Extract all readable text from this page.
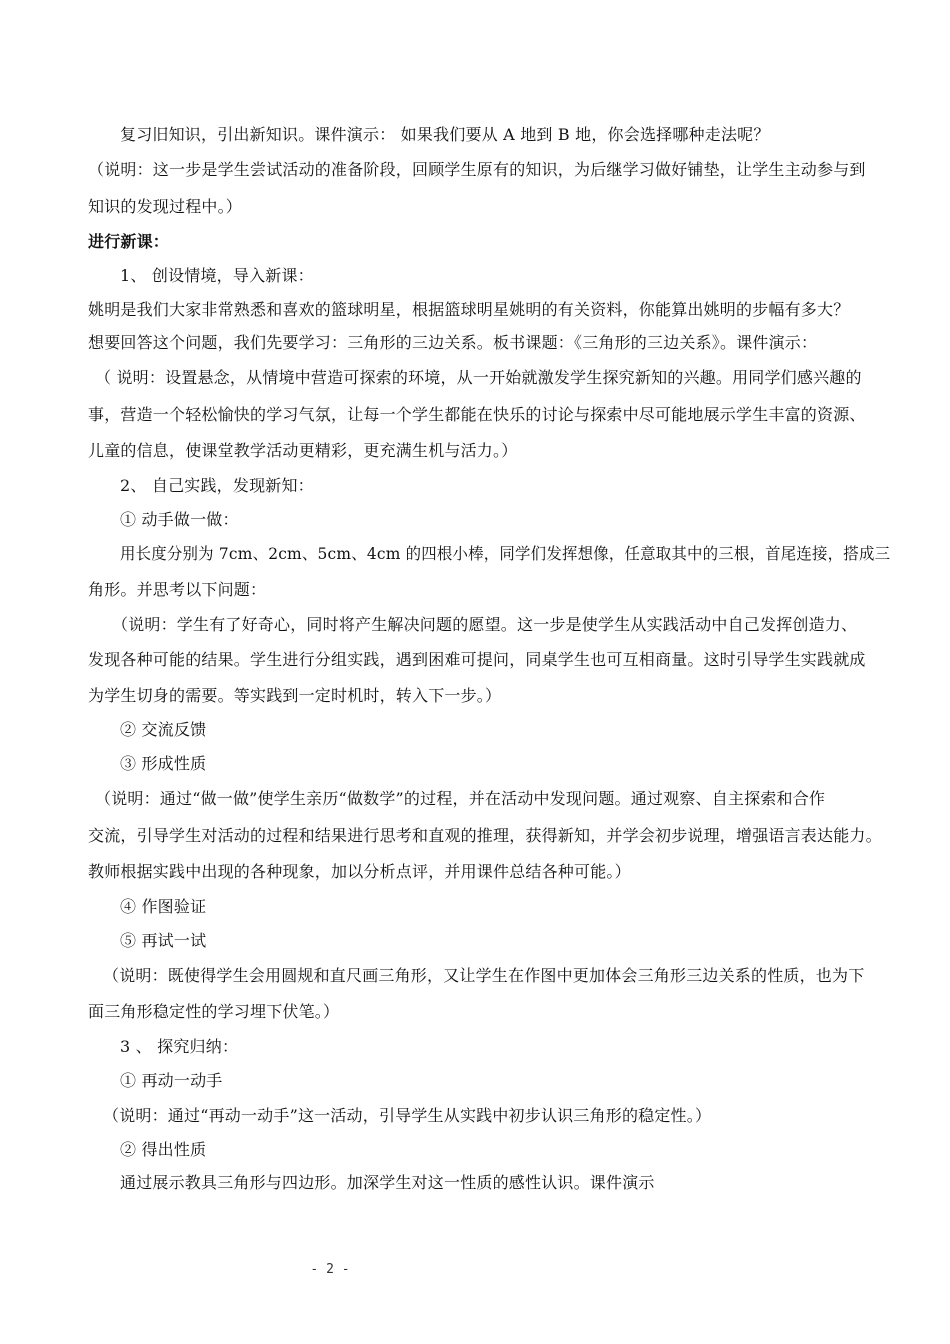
复习旧知识，引出新知识。课件演示： 如果我们要从 A 地到 B 地，你会选择哪种走法呢？
（说明：这一步是学生尝试活动的准备阶段，回顾学生原有的知识，为后继学习做好铺垫，让学生主动参与到
知识的发现过程中。）
进行新课：
1、 创设情境，导入新课：
姚明是我们大家非常熟悉和喜欢的篮球明星，根据篮球明星姚明的有关资料，你能算出姚明的步幅有多大？
想要回答这个问题，我们先要学习：三角形的三边关系。板书课题：《三角形的三边关系》。课件演示：
（ 说明：设置悬念，从情境中营造可探索的环境，从一开始就激发学生探究新知的兴趣。用同学们感兴趣的
事，营造一个轻松愉快的学习气氛，让每一个学生都能在快乐的讨论与探索中尽可能地展示学生丰富的资源、
儿童的信息，使课堂教学活动更精彩，更充满生机与活力。）
2、 自己实践，发现新知：
① 动手做一做：
用长度分别为 7cm、2cm、5cm、4cm 的四根小棒，同学们发挥想像，任意取其中的三根，首尾连接，搭成三
角形。并思考以下问题：
（说明：学生有了好奇心，同时将产生解决问题的愿望。这一步是使学生从实践活动中自己发挥创造力、
发现各种可能的结果。学生进行分组实践，遇到困难可提问，同桌学生也可互相商量。这时引导学生实践就成
为学生切身的需要。等实践到一定时机时，转入下一步。）
② 交流反馈
③ 形成性质
（说明：通过“做一做”使学生亲历“做数学”的过程，并在活动中发现问题。通过观察、自主探索和合作
交流，引导学生对活动的过程和结果进行思考和直观的推理，获得新知，并学会初步说理，增强语言表达能力。
教师根据实践中出现的各种现象，加以分析点评，并用课件总结各种可能。）
④ 作图验证
⑤ 再试一试
（说明：既使得学生会用圆规和直尺画三角形，又让学生在作图中更加体会三角形三边关系的性质，也为下
面三角形稳定性的学习埋下伏笔。）
3 、 探究归纳：
① 再动一动手
（说明：通过“再动一动手”这一活动，引导学生从实践中初步认识三角形的稳定性。）
② 得出性质
通过展示教具三角形与四边形。加深学生对这一性质的感性认识。课件演示
- 2 -
